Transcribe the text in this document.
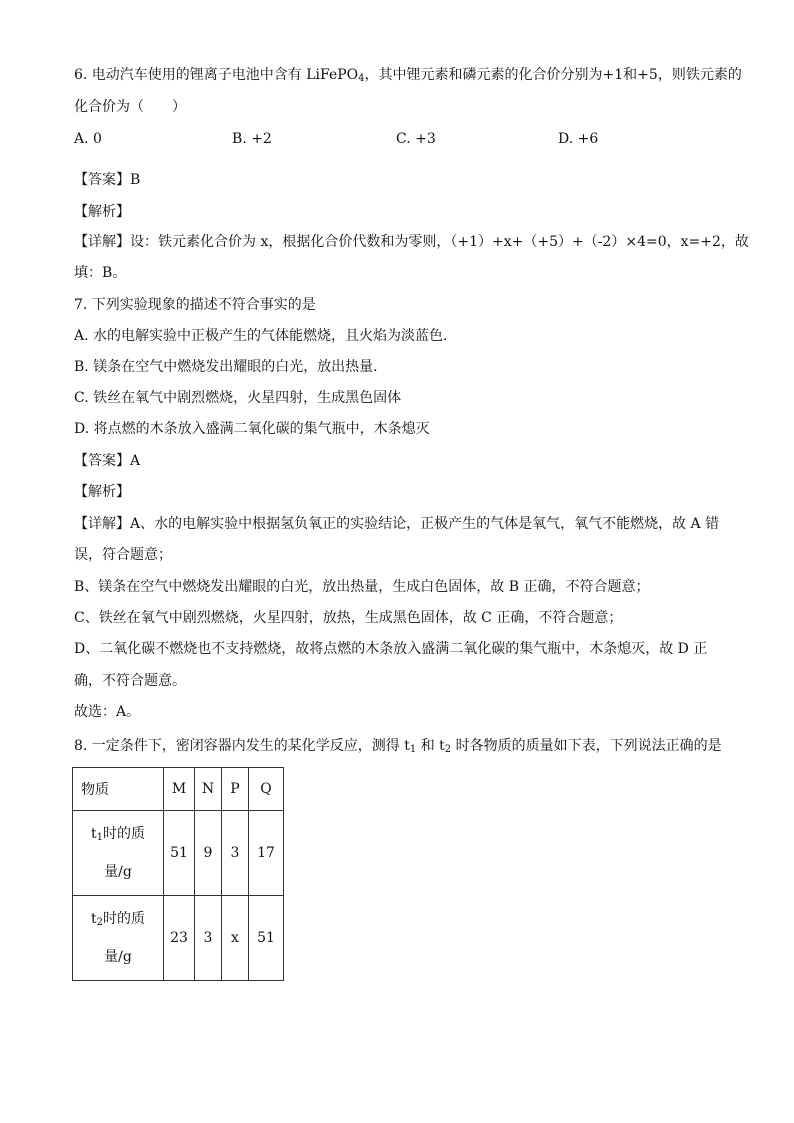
6. 电动汽车使用的锂离子电池中含有 LiFePO$_4$，其中锂元素和磷元素的化合价分别为+1和+5，则铁元素的
化合价为（　　）
A. 0	B. +2	C. +3	D. +6
【答案】B
【解析】
【详解】设：铁元素化合价为 x，根据化合价代数和为零则，（+1）+x+（+5）+（-2）×4=0，x=+2，故
填：B。
7. 下列实验现象的描述不符合事实的是
A. 水的电解实验中正极产生的气体能燃烧，且火焰为淡蓝色.
B. 镁条在空气中燃烧发出耀眼的白光，放出热量.
C. 铁丝在氧气中剧烈燃烧，火星四射，生成黑色固体
D. 将点燃的木条放入盛满二氧化碳的集气瓶中，木条熄灭
【答案】A
【解析】
【详解】A、水的电解实验中根据氢负氧正的实验结论，正极产生的气体是氧气，氧气不能燃烧，故 A 错
误，符合题意；
B、镁条在空气中燃烧发出耀眼的白光，放出热量，生成白色固体，故 B 正确，不符合题意；
C、铁丝在氧气中剧烈燃烧，火星四射，放热，生成黑色固体，故 C 正确，不符合题意；
D、二氧化碳不燃烧也不支持燃烧，故将点燃的木条放入盛满二氧化碳的集气瓶中，木条熄灭，故 D 正
确，不符合题意。
故选：A。
8. 一定条件下，密闭容器内发生的某化学反应，测得 $t_1$ 和 $t_2$ 时各物质的质量如下表，下列说法正确的是
物质	M	N	P	Q

$t_1$时的质
量/g	51	9	3	17

$t_2$时的质
量/g	23	3	x	51
